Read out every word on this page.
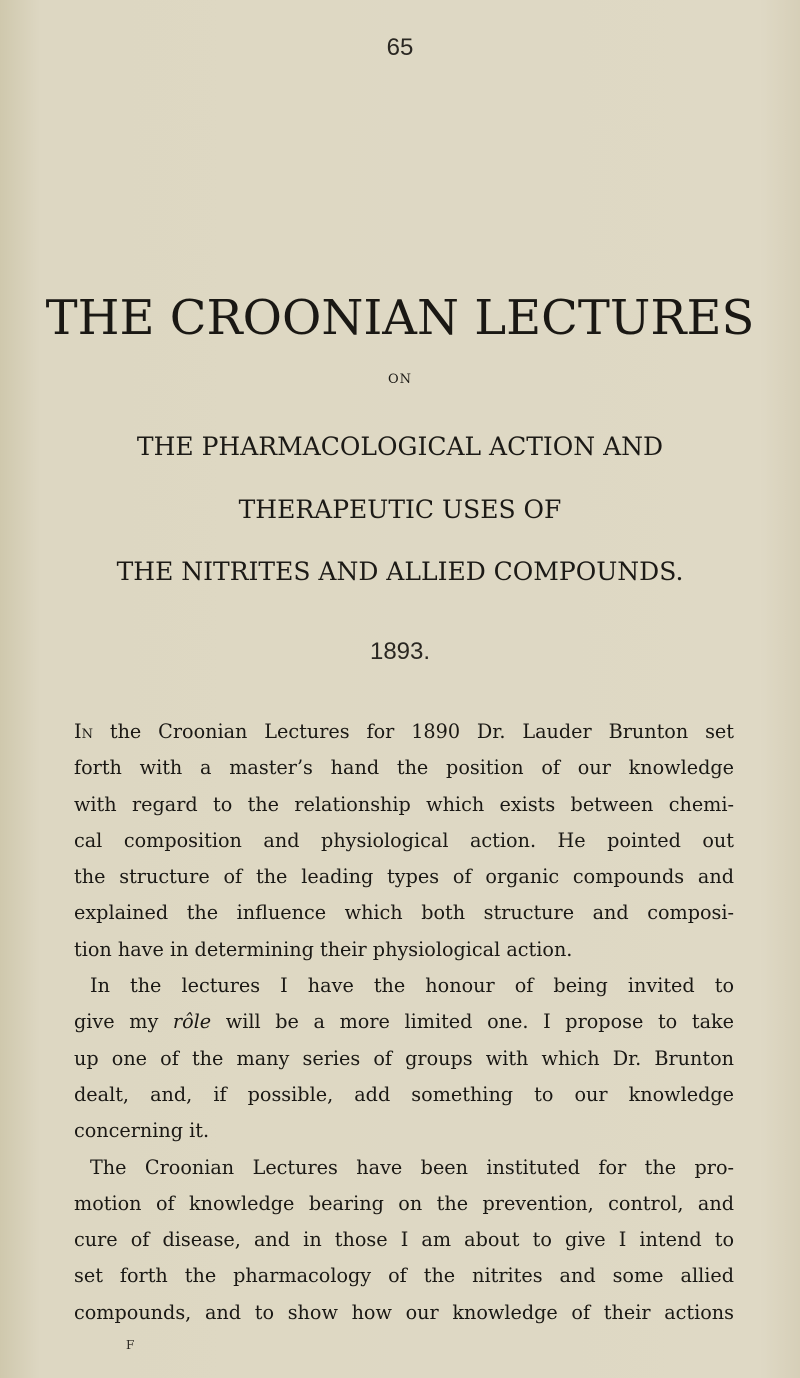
65
THE CROONIAN LECTURES
ON
THE PHARMACOLOGICAL ACTION AND
THERAPEUTIC USES OF
THE NITRITES AND ALLIED COMPOUNDS.
1893.
In the Croonian Lectures for 1890 Dr. Lauder Brunton set
forth with a master’s hand the position of our knowledge
with regard to the relationship which exists between chemi-
cal composition and physiological action. He pointed out
the structure of the leading types of organic compounds and
explained the influence which both structure and composi-
tion have in determining their physiological action.
In the lectures I have the honour of being invited to
give my rôle will be a more limited one. I propose to take
up one of the many series of groups with which Dr. Brunton
dealt, and, if possible, add something to our knowledge
concerning it.
The Croonian Lectures have been instituted for the pro-
motion of knowledge bearing on the prevention, control, and
cure of disease, and in those I am about to give I intend to
set forth the pharmacology of the nitrites and some allied
compounds, and to show how our knowledge of their actions
F
